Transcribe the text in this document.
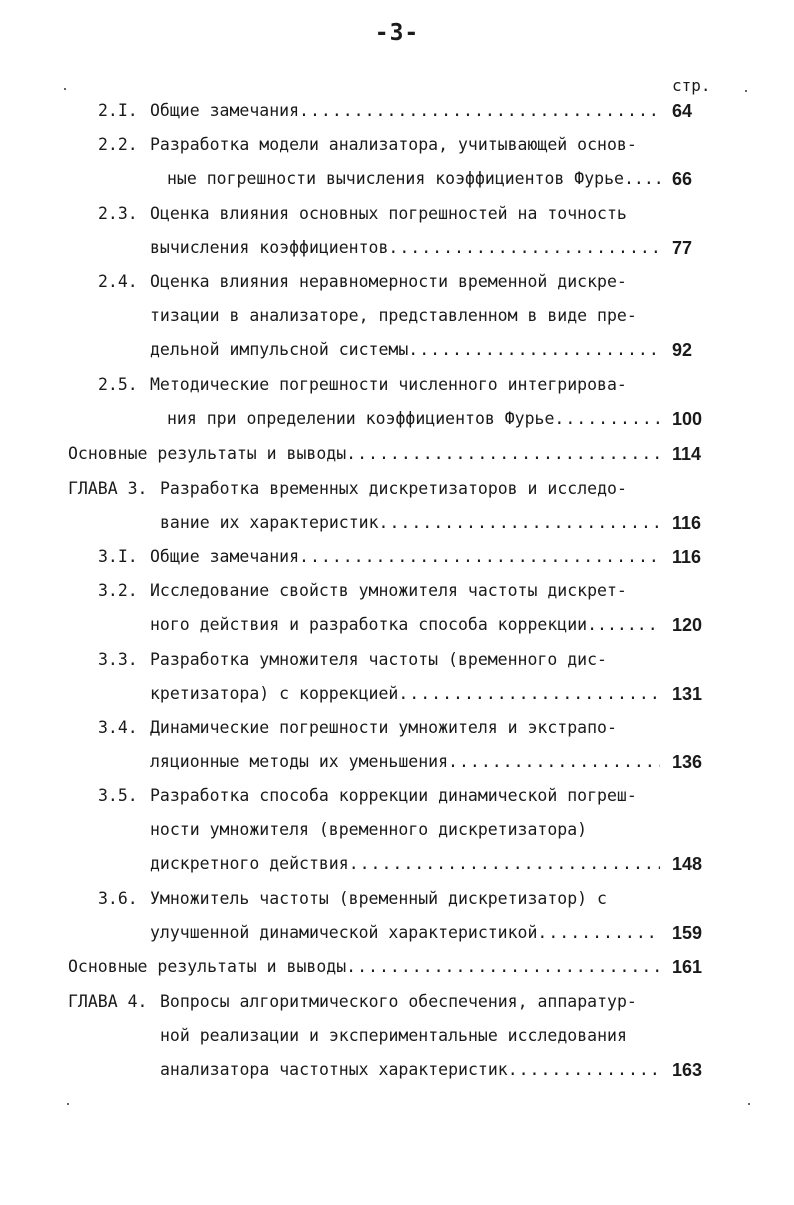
-3-
стр.
2.I. Общие замечания .....	64
2.2. Разработка модели анализатора, учитывающей основ-
ные погрешности вычисления коэффициентов Фурье... ..... 66
2.3. Оценка влияния основных погрешностей на точность
вычисления коэффициентов .....	77
2.4. Оценка влияния неравномерности временной дискре-
тизации в анализаторе, представленном в виде пре-
дельной импульсной системы .....	92
2.5. Методические погрешности численного интегрирова-
ния при определении коэффициентов Фурье .....	100
Основные результаты и выводы .....	114
ГЛАВА 3. Разработка временных дискретизаторов и исследо-
вание их характеристик .....	116
3.I. Общие замечания .....	116
3.2. Исследование свойств умножителя частоты дискрет-
ного действия и разработка способа коррекции..... ..... 120
3.3. Разработка умножителя частоты (временного дис-
кретизатора) с коррекцией .....	131
3.4. Динамические погрешности умножителя и экстрапо-
ляционные методы их уменьшения .....	136
3.5. Разработка способа коррекции динамической погреш-
ности умножителя (временного дискретизатора)
дискретного действия .....	148
3.6. Умножитель частоты (временный дискретизатор) с
улучшенной динамической характеристикой .....	159
Основные результаты и выводы .....	161
ГЛАВА 4. Вопросы алгоритмического обеспечения, аппаратур-
ной реализации и экспериментальные исследования
анализатора частотных характеристик .....	163
